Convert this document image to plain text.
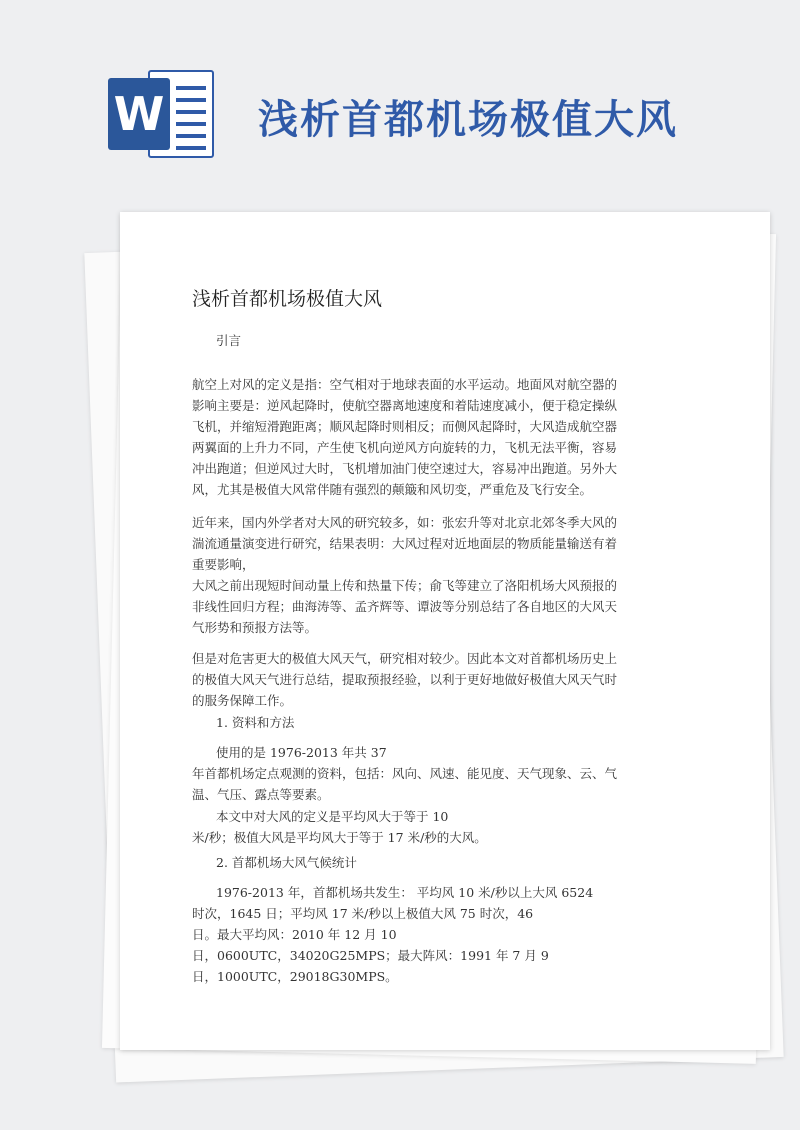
W 浅析首都机场极值大风
浅析首都机场极值大风
引言
航空上对风的定义是指：空气相对于地球表面的水平运动。地面风对航空器的
影响主要是：逆风起降时，使航空器离地速度和着陆速度减小，便于稳定操纵
飞机，并缩短滑跑距离；顺风起降时则相反；而侧风起降时，大风造成航空器
两翼面的上升力不同，产生使飞机向逆风方向旋转的力，飞机无法平衡，容易
冲出跑道；但逆风过大时，飞机增加油门使空速过大，容易冲出跑道。另外大
风，尤其是极值大风常伴随有强烈的颠簸和风切变，严重危及飞行安全。
近年来，国内外学者对大风的研究较多，如：张宏升等对北京北郊冬季大风的
湍流通量演变进行研究，结果表明：大风过程对近地面层的物质能量输送有着
重要影响，
大风之前出现短时间动量上传和热量下传；俞飞等建立了洛阳机场大风预报的
非线性回归方程；曲海涛等、孟齐辉等、谭波等分别总结了各自地区的大风天
气形势和预报方法等。
但是对危害更大的极值大风天气，研究相对较少。因此本文对首都机场历史上
的极值大风天气进行总结，提取预报经验，以利于更好地做好极值大风天气时
的服务保障工作。
1. 资料和方法
使用的是 1976-2013 年共 37
年首都机场定点观测的资料，包括：风向、风速、能见度、天气现象、云、气
温、气压、露点等要素。
本文中对大风的定义是平均风大于等于 10
米/秒；极值大风是平均风大于等于 17 米/秒的大风。
2. 首都机场大风气候统计
1976-2013 年，首都机场共发生： 平均风 10 米/秒以上大风 6524
时次，1645 日；平均风 17 米/秒以上极值大风 75 时次，46
日。最大平均风：2010 年 12 月 10
日，0600UTC，34020G25MPS；最大阵风：1991 年 7 月 9
日，1000UTC，29018G30MPS。
